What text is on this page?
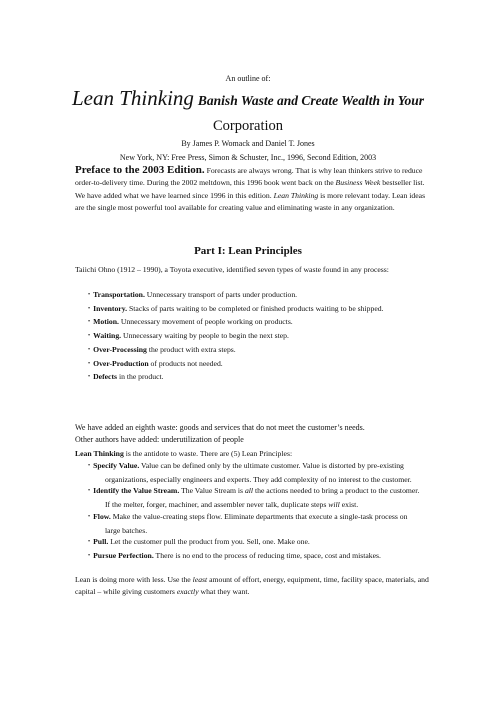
An outline of:
Lean Thinking Banish Waste and Create Wealth in Your
Corporation
By James P. Womack and Daniel T. Jones
New York, NY: Free Press, Simon & Schuster, Inc., 1996, Second Edition, 2003
Preface to the 2003 Edition. Forecasts are always wrong. That is why lean thinkers strive to reduce order-to-delivery time. During the 2002 meltdown, this 1996 book went back on the Business Week bestseller list. We have added what we have learned since 1996 in this edition. Lean Thinking is more relevant today. Lean ideas are the single most powerful tool available for creating value and eliminating waste in any organization.
Part I: Lean Principles
Taiichi Ohno (1912 – 1990), a Toyota executive, identified seven types of waste found in any process:
• Transportation. Unnecessary transport of parts under production.
• Inventory. Stacks of parts waiting to be completed or finished products waiting to be shipped.
• Motion. Unnecessary movement of people working on products.
• Waiting. Unnecessary waiting by people to begin the next step.
• Over-Processing the product with extra steps.
• Over-Production of products not needed.
• Defects in the product.
We have added an eighth waste: goods and services that do not meet the customer’s needs.
Other authors have added: underutilization of people
Lean Thinking is the antidote to waste. There are (5) Lean Principles:
• Specify Value. Value can be defined only by the ultimate customer. Value is distorted by pre-existing organizations, especially engineers and experts. They add complexity of no interest to the customer.
• Identify the Value Stream. The Value Stream is all the actions needed to bring a product to the customer. If the melter, forger, machiner, and assembler never talk, duplicate steps will exist.
• Flow. Make the value-creating steps flow. Eliminate departments that execute a single-task process on large batches.
• Pull. Let the customer pull the product from you. Sell, one. Make one.
• Pursue Perfection. There is no end to the process of reducing time, space, cost and mistakes.
Lean is doing more with less. Use the least amount of effort, energy, equipment, time, facility space, materials, and capital – while giving customers exactly what they want.
